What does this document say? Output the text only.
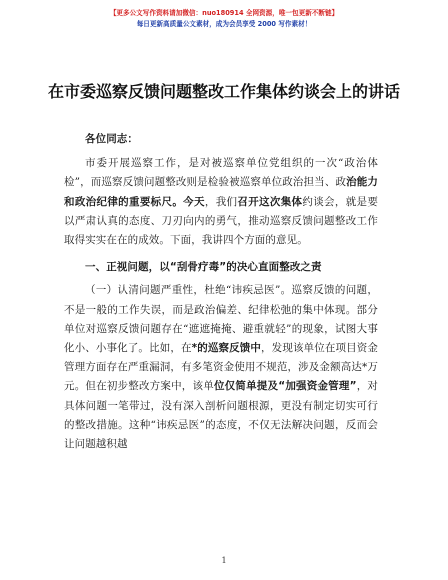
【更多公文写作资料请加微信：nuo180914 全网资源，唯一包更新不断链】
每日更新高质量公文素材，成为会员享受 2000 写作素材！
在市委巡察反馈问题整改工作集体约谈会上的讲话

各位同志：

市委开展巡察工作，是对被巡察单位党组织的一次“政治体检”，而巡察反馈问题整改则是检验被巡察单位政治担当、政治能力和政治纪律的重要标尺。今天，我们召开这次集体约谈会，就是要以严肃认真的态度、刀刃向内的勇气，推动巡察反馈问题整改工作取得实实在在的成效。下面，我讲四个方面的意见。

一、正视问题，以“刮骨疗毒”的决心直面整改之责

（一）认清问题严重性，杜绝“讳疾忌医”。巡察反馈的问题，不是一般的工作失误，而是政治偏差、纪律松弛的集中体现。部分单位对巡察反馈问题存在“遮遮掩掩、避重就轻”的现象，试图大事化小、小事化了。比如，在*的巡察反馈中，发现该单位在项目资金管理方面存在严重漏洞，有多笔资金使用不规范，涉及金额高达*万元。但在初步整改方案中，该单位仅简单提及“加强资金管理”，对具体问题一笔带过，没有深入剖析问题根源，更没有制定切实可行的整改措施。这种“讳疾忌医”的态度，不仅无法解决问题，反而会让问题越积越

1
